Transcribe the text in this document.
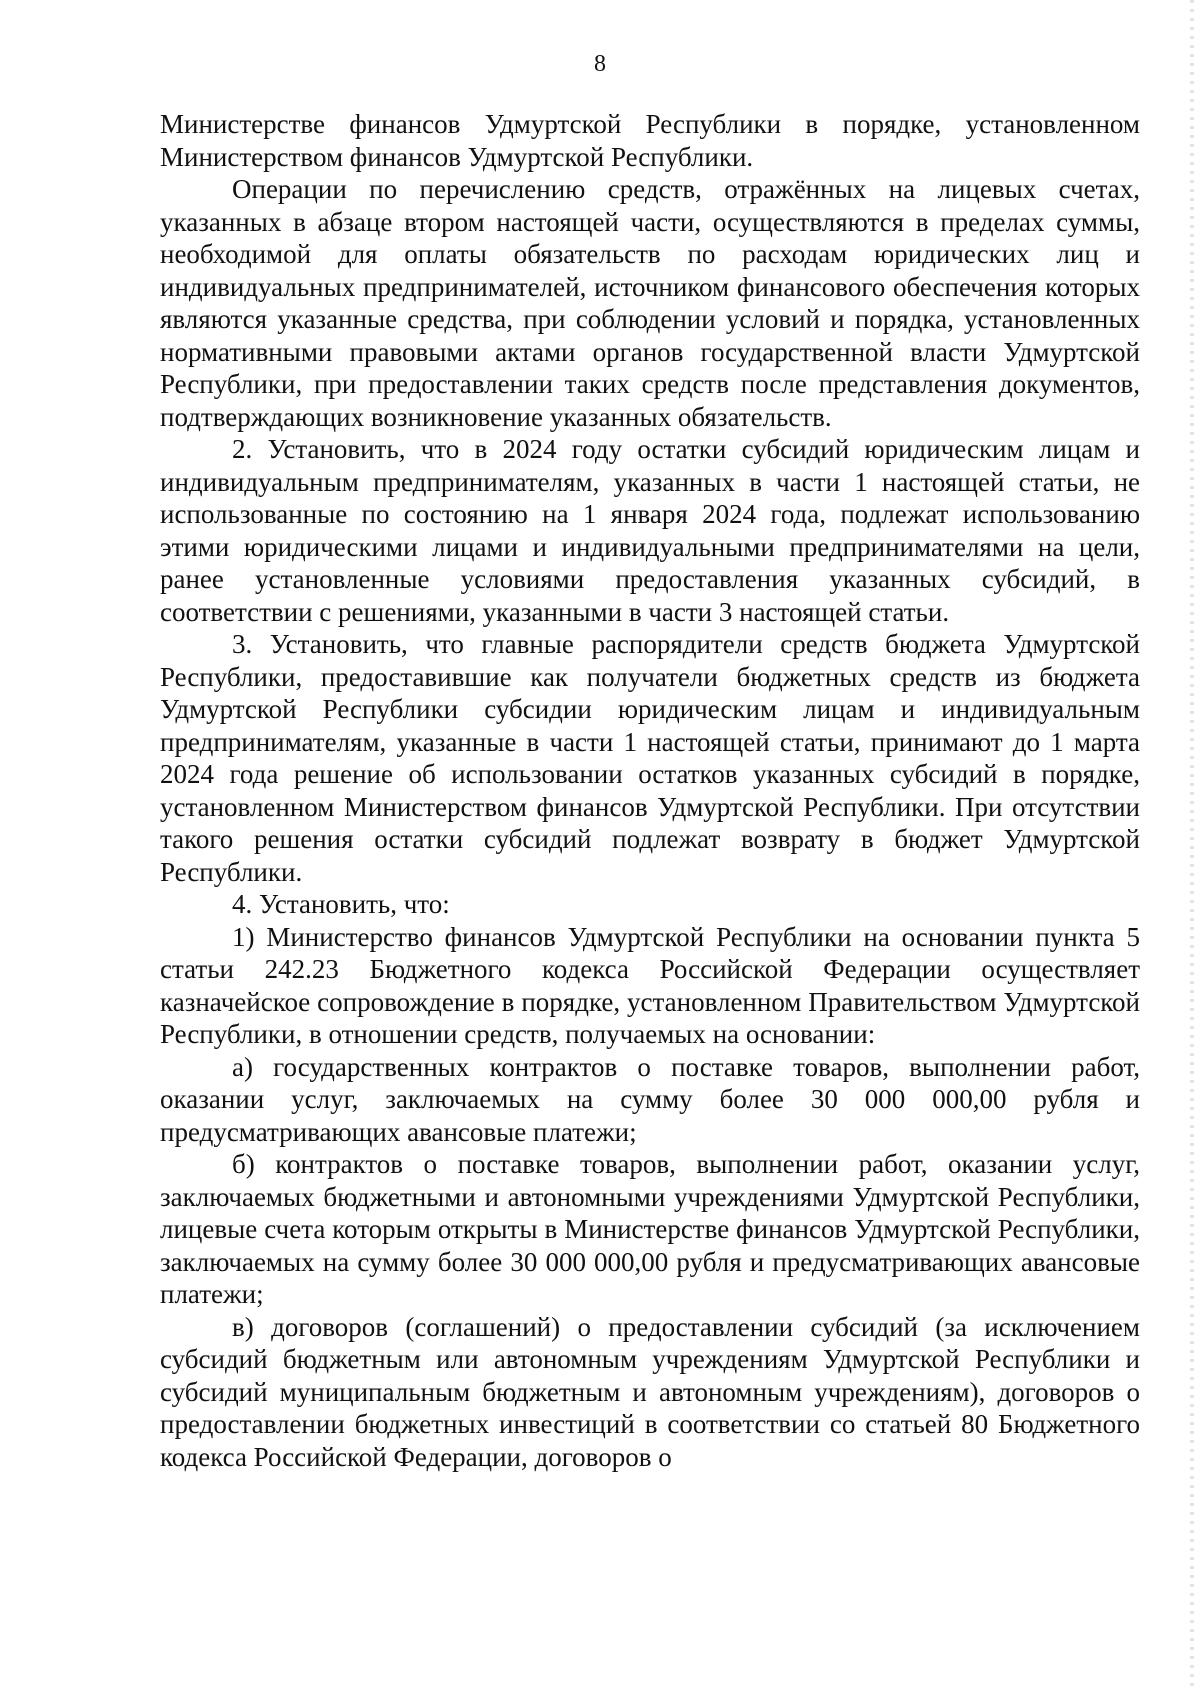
8

Министерстве финансов Удмуртской Республики в порядке, установленном Министерством финансов Удмуртской Республики.

Операции по перечислению средств, отражённых на лицевых счетах, указанных в абзаце втором настоящей части, осуществляются в пределах суммы, необходимой для оплаты обязательств по расходам юридических лиц и индивидуальных предпринимателей, источником финансового обеспечения которых являются указанные средства, при соблюдении условий и порядка, установленных нормативными правовыми актами органов государственной власти Удмуртской Республики, при предоставлении таких средств после представления документов, подтверждающих возникновение указанных обязательств.

2. Установить, что в 2024 году остатки субсидий юридическим лицам и индивидуальным предпринимателям, указанных в части 1 настоящей статьи, не использованные по состоянию на 1 января 2024 года, подлежат использованию этими юридическими лицами и индивидуальными предпринимателями на цели, ранее установленные условиями предоставления указанных субсидий, в соответствии с решениями, указанными в части 3 настоящей статьи.

3. Установить, что главные распорядители средств бюджета Удмуртской Республики, предоставившие как получатели бюджетных средств из бюджета Удмуртской Республики субсидии юридическим лицам и индивидуальным предпринимателям, указанные в части 1 настоящей статьи, принимают до 1 марта 2024 года решение об использовании остатков указанных субсидий в порядке, установленном Министерством финансов Удмуртской Республики. При отсутствии такого решения остатки субсидий подлежат возврату в бюджет Удмуртской Республики.

4. Установить, что:

1) Министерство финансов Удмуртской Республики на основании пункта 5 статьи 242.23 Бюджетного кодекса Российской Федерации осуществляет казначейское сопровождение в порядке, установленном Правительством Удмуртской Республики, в отношении средств, получаемых на основании:

а) государственных контрактов о поставке товаров, выполнении работ, оказании услуг, заключаемых на сумму более 30 000 000,00 рубля и предусматривающих авансовые платежи;

б) контрактов о поставке товаров, выполнении работ, оказании услуг, заключаемых бюджетными и автономными учреждениями Удмуртской Республики, лицевые счета которым открыты в Министерстве финансов Удмуртской Республики, заключаемых на сумму более 30 000 000,00 рубля и предусматривающих авансовые платежи;

в) договоров (соглашений) о предоставлении субсидий (за исключением субсидий бюджетным или автономным учреждениям Удмуртской Республики и субсидий муниципальным бюджетным и автономным учреждениям), договоров о предоставлении бюджетных инвестиций в соответствии со статьей 80 Бюджетного кодекса Российской Федерации, договоров о
